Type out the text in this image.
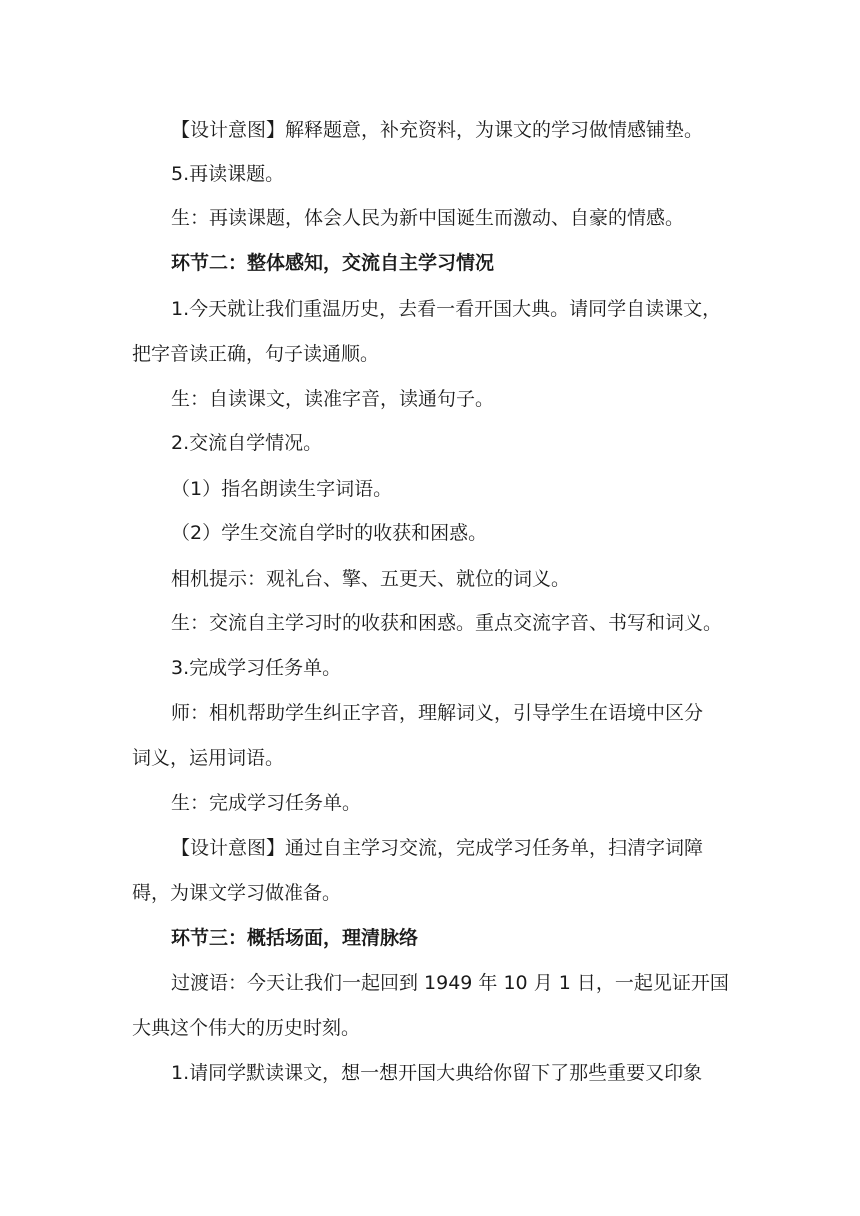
【设计意图】解释题意，补充资料，为课文的学习做情感铺垫。
5.再读课题。
生：再读课题，体会人民为新中国诞生而激动、自豪的情感。
环节二：整体感知，交流自主学习情况
1.今天就让我们重温历史，去看一看开国大典。请同学自读课文，
把字音读正确，句子读通顺。
生：自读课文，读准字音，读通句子。
2.交流自学情况。
（1）指名朗读生字词语。
（2）学生交流自学时的收获和困惑。
相机提示：观礼台、擎、五更天、就位的词义。
生：交流自主学习时的收获和困惑。重点交流字音、书写和词义。
3.完成学习任务单。
师：相机帮助学生纠正字音，理解词义，引导学生在语境中区分
词义，运用词语。
生：完成学习任务单。
【设计意图】通过自主学习交流，完成学习任务单，扫清字词障
碍，为课文学习做准备。
环节三：概括场面，理清脉络
过渡语：今天让我们一起回到 1949 年 10 月 1 日，一起见证开国
大典这个伟大的历史时刻。
1.请同学默读课文，想一想开国大典给你留下了那些重要又印象
